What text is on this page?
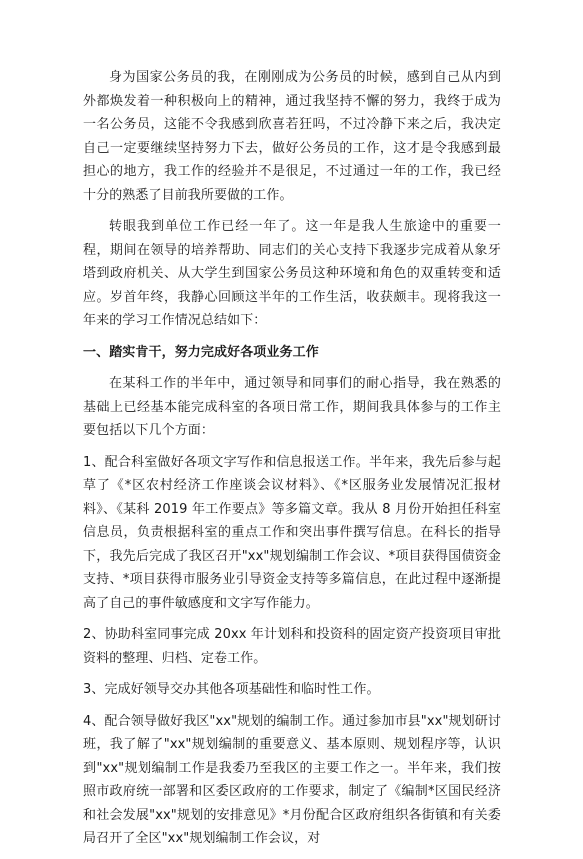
身为国家公务员的我，在刚刚成为公务员的时候，感到自己从内到外都焕发着一种积极向上的精神，通过我坚持不懈的努力，我终于成为一名公务员，这能不令我感到欣喜若狂吗，不过冷静下来之后，我决定自己一定要继续坚持努力下去，做好公务员的工作，这才是令我感到最担心的地方，我工作的经验并不是很足，不过通过一年的工作，我已经十分的熟悉了目前我所要做的工作。

转眼我到单位工作已经一年了。这一年是我人生旅途中的重要一程，期间在领导的培养帮助、同志们的关心支持下我逐步完成着从象牙塔到政府机关、从大学生到国家公务员这种环境和角色的双重转变和适应。岁首年终，我静心回顾这半年的工作生活，收获颇丰。现将我这一年来的学习工作情况总结如下：

一、踏实肯干，努力完成好各项业务工作

在某科工作的半年中，通过领导和同事们的耐心指导，我在熟悉的基础上已经基本能完成科室的各项日常工作，期间我具体参与的工作主要包括以下几个方面：

1、配合科室做好各项文字写作和信息报送工作。半年来，我先后参与起草了《*区农村经济工作座谈会议材料》、《*区服务业发展情况汇报材料》、《某科 2019 年工作要点》等多篇文章。我从 8 月份开始担任科室信息员，负责根据科室的重点工作和突出事件撰写信息。在科长的指导下，我先后完成了我区召开"xx"规划编制工作会议、*项目获得国债资金支持、*项目获得市服务业引导资金支持等多篇信息，在此过程中逐渐提高了自己的事件敏感度和文字写作能力。

2、协助科室同事完成 20xx 年计划科和投资科的固定资产投资项目审批资料的整理、归档、定卷工作。

3、完成好领导交办其他各项基础性和临时性工作。

4、配合领导做好我区"xx"规划的编制工作。通过参加市县"xx"规划研讨班，我了解了"xx"规划编制的重要意义、基本原则、规划程序等，认识到"xx"规划编制工作是我委乃至我区的主要工作之一。半年来，我们按照市政府统一部署和区委区政府的工作要求，制定了《编制*区国民经济和社会发展"xx"规划的安排意见》*月份配合区政府组织各街镇和有关委局召开了全区"xx"规划编制工作会议，对
